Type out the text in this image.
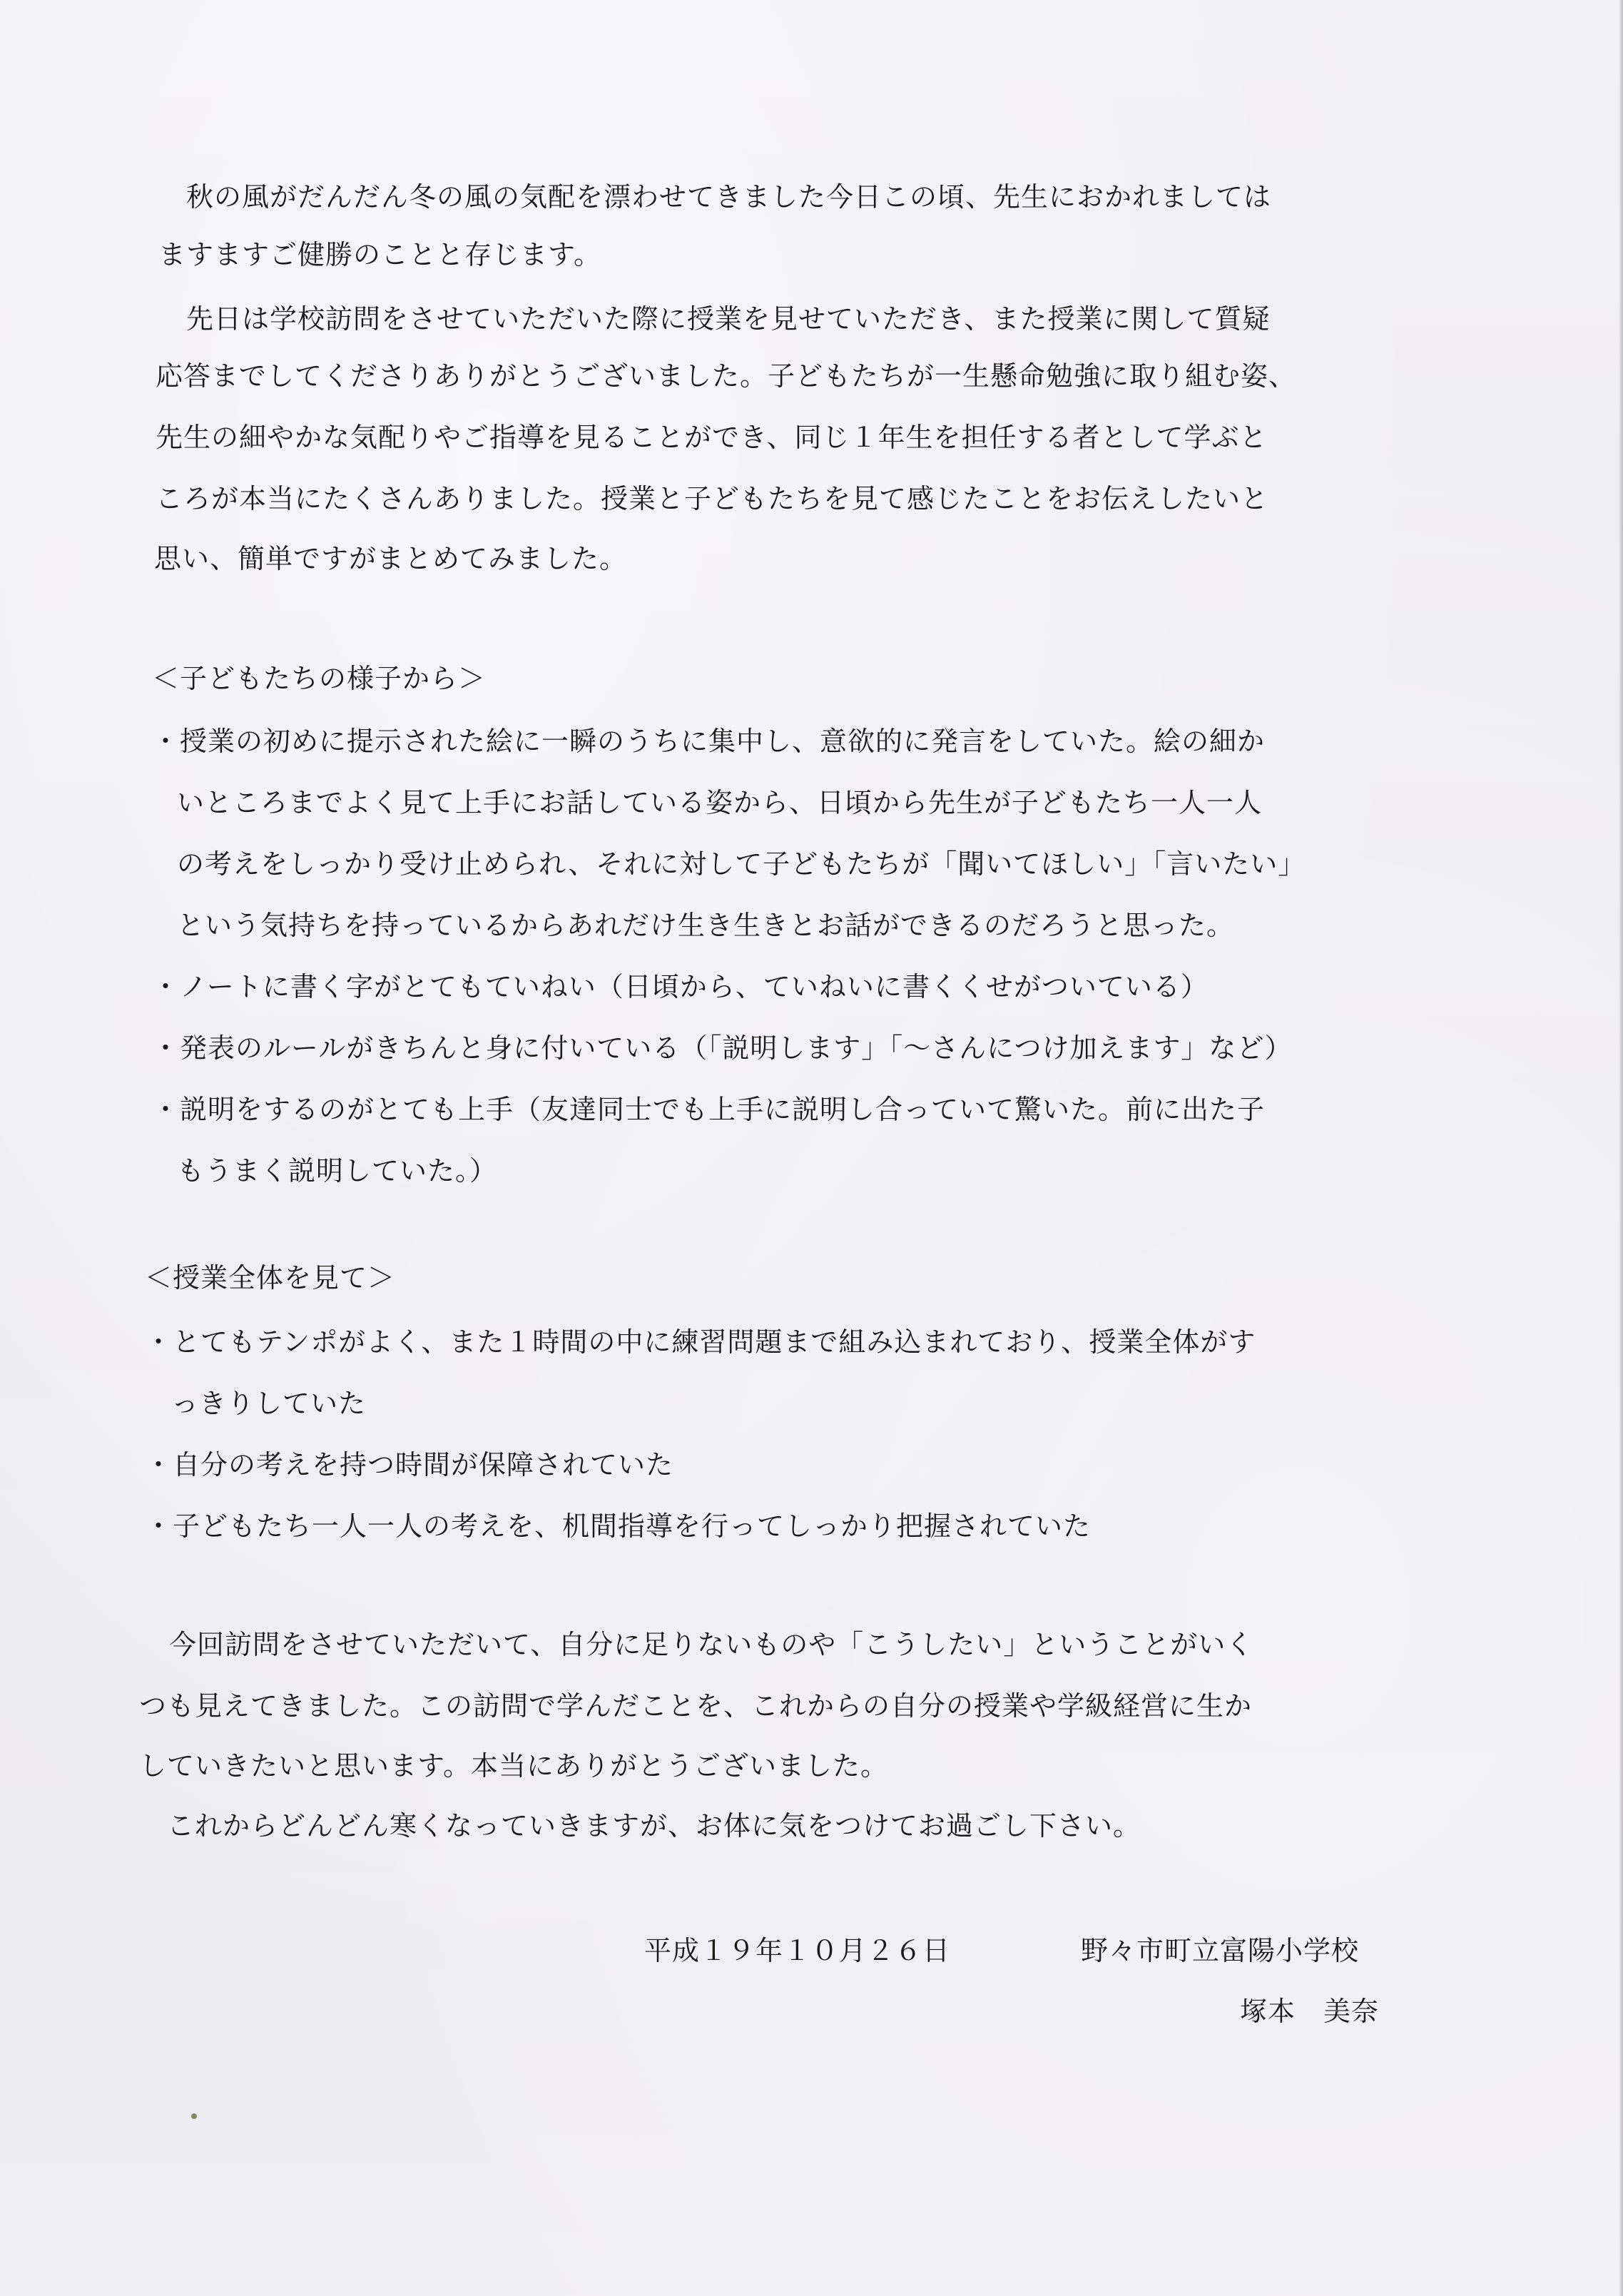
　秋の風がだんだん冬の風の気配を漂わせてきました今日この頃、先生におかれましては

ますますご健勝のことと存じます。

　先日は学校訪問をさせていただいた際に授業を見せていただき、また授業に関して質疑

応答までしてくださりありがとうございました。子どもたちが一生懸命勉強に取り組む姿、

先生の細やかな気配りやご指導を見ることができ、同じ１年生を担任する者として学ぶと

ころが本当にたくさんありました。授業と子どもたちを見て感じたことをお伝えしたいと

思い、簡単ですがまとめてみました。

＜子どもたちの様子から＞

・授業の初めに提示された絵に一瞬のうちに集中し、意欲的に発言をしていた。絵の細か

いところまでよく見て上手にお話している姿から、日頃から先生が子どもたち一人一人

の考えをしっかり受け止められ、それに対して子どもたちが「聞いてほしい」「言いたい」

という気持ちを持っているからあれだけ生き生きとお話ができるのだろうと思った。

・ノートに書く字がとてもていねい（日頃から、ていねいに書くくせがついている）

・発表のルールがきちんと身に付いている（「説明します」「～さんにつけ加えます」など）

・説明をするのがとても上手（友達同士でも上手に説明し合っていて驚いた。前に出た子

もうまく説明していた。）

＜授業全体を見て＞

・とてもテンポがよく、また１時間の中に練習問題まで組み込まれており、授業全体がす

っきりしていた

・自分の考えを持つ時間が保障されていた

・子どもたち一人一人の考えを、机間指導を行ってしっかり把握されていた

　今回訪問をさせていただいて、自分に足りないものや「こうしたい」ということがいく

つも見えてきました。この訪問で学んだことを、これからの自分の授業や学級経営に生か

していきたいと思います。本当にありがとうございました。

　これからどんどん寒くなっていきますが、お体に気をつけてお過ごし下さい。

平成１９年１０月２６日	野々市町立富陽小学校

塚本　美奈
